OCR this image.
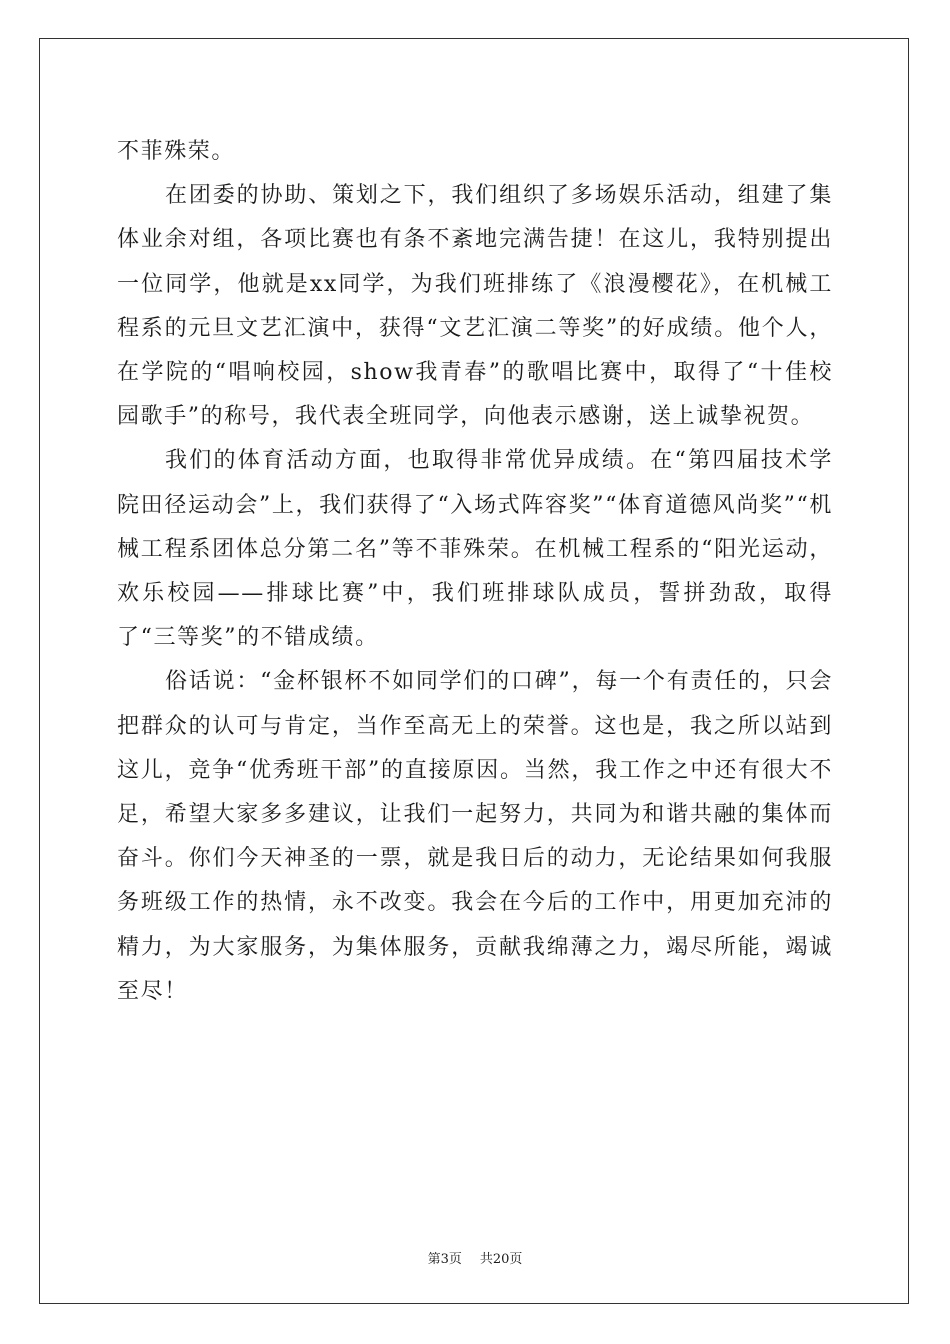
不菲殊荣。

在团委的协助、策划之下，我们组织了多场娱乐活动，组建了集体业余对组，各项比赛也有条不紊地完满告捷！在这儿，我特别提出一位同学，他就是xx同学，为我们班排练了《浪漫樱花》，在机械工程系的元旦文艺汇演中，获得“文艺汇演二等奖”的好成绩。他个人，在学院的“唱响校园，show我青春”的歌唱比赛中，取得了“十佳校园歌手”的称号，我代表全班同学，向他表示感谢，送上诚挚祝贺。

我们的体育活动方面，也取得非常优异成绩。在“第四届技术学院田径运动会”上，我们获得了“入场式阵容奖”“体育道德风尚奖”“机械工程系团体总分第二名”等不菲殊荣。在机械工程系的“阳光运动，欢乐校园——排球比赛”中，我们班排球队成员，誓拼劲敌，取得了“三等奖”的不错成绩。

俗话说：“金杯银杯不如同学们的口碑”，每一个有责任的，只会把群众的认可与肯定，当作至高无上的荣誉。这也是，我之所以站到这儿，竞争“优秀班干部”的直接原因。当然，我工作之中还有很大不足，希望大家多多建议，让我们一起努力，共同为和谐共融的集体而奋斗。你们今天神圣的一票，就是我日后的动力，无论结果如何我服务班级工作的热情，永不改变。我会在今后的工作中，用更加充沛的精力，为大家服务，为集体服务，贡献我绵薄之力，竭尽所能，竭诚至尽！

第3页 共20页
